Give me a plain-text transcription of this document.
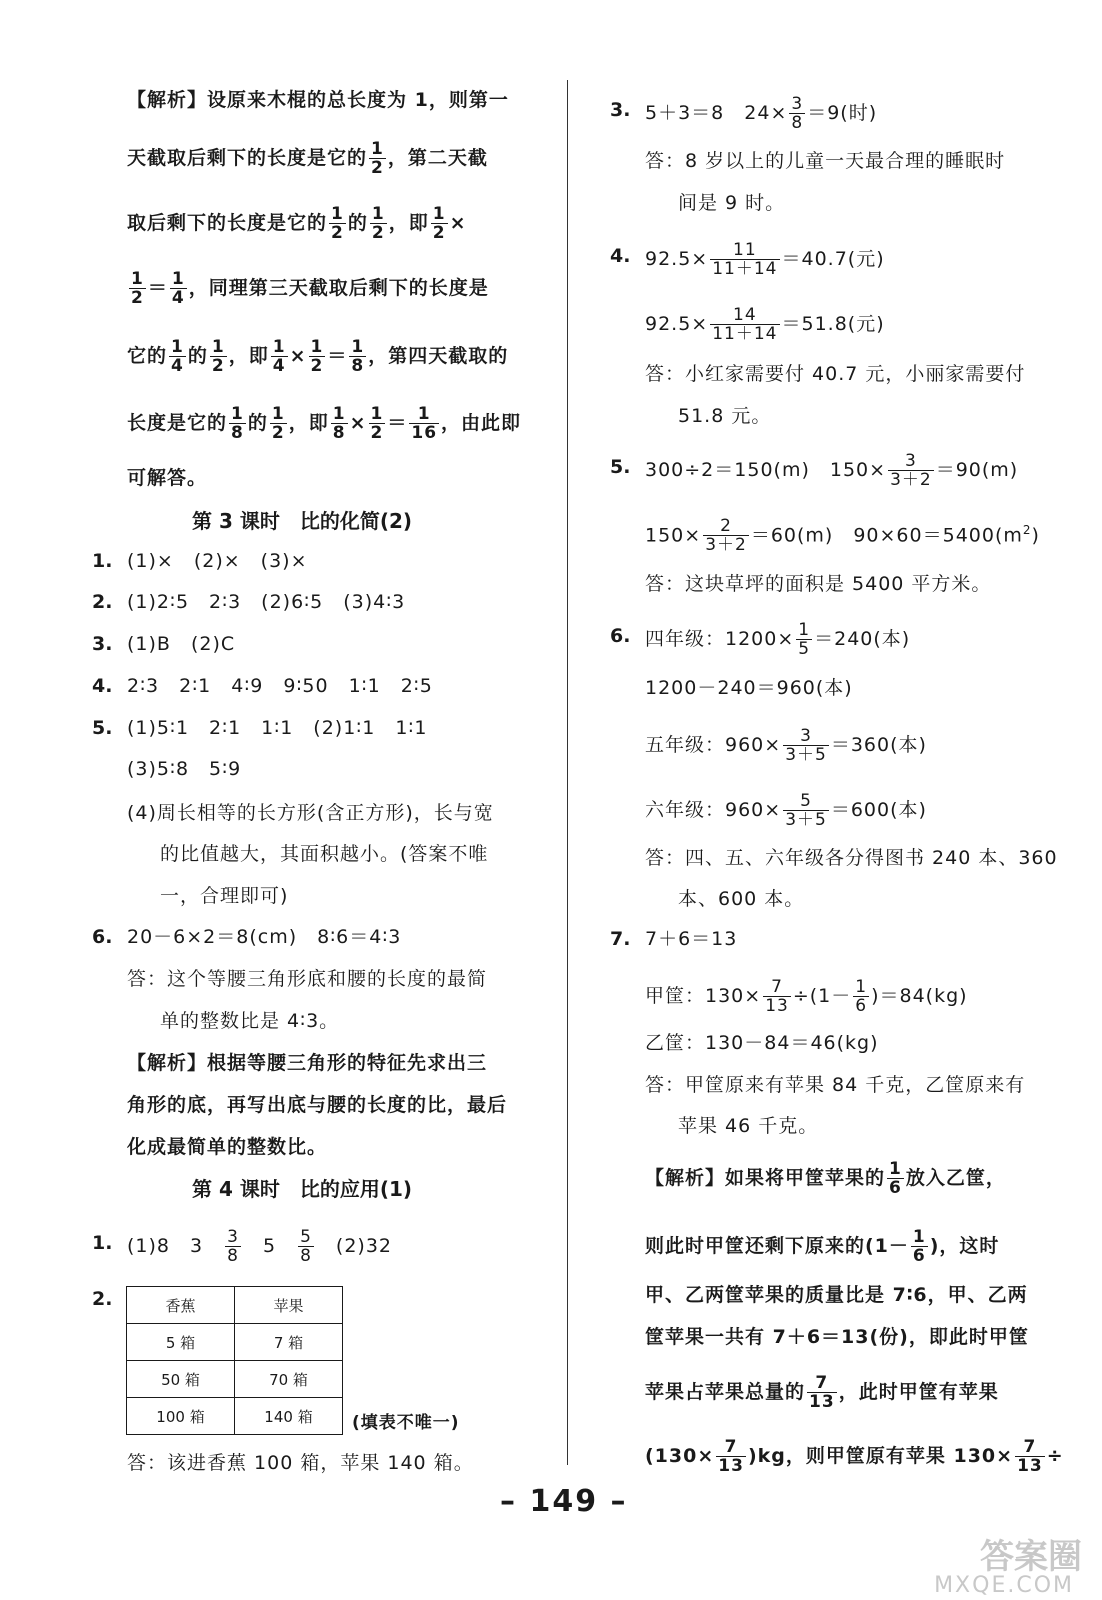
【解析】设原来木棍的总长度为 1，则第一
天截取后剩下的长度是它的 $\frac{1}{2}$ ，第二天截
取后剩下的长度是它的 $\frac{1}{2}$ 的 $\frac{1}{2}$ ，即 $\frac{1}{2}$ ×
$\frac{1}{2} = \frac{1}{4}$ ，同理第三天截取后剩下的长度是
它的 $\frac{1}{4}$ 的 $\frac{1}{2}$ ，即 $\frac{1}{4} \times \frac{1}{2} = \frac{1}{8}$ ，第四天截取的
长度是它的 $\frac{1}{8}$ 的 $\frac{1}{2}$ ，即 $\frac{1}{8} \times \frac{1}{2} = \frac{1}{16}$ ，由此即
可解答。
第 3 课时　比的化简(2)
1. (1)×　(2)×　(3)×
2. (1)2∶5　2∶3　(2)6∶5　(3)4∶3
3. (1)B　(2)C
4. 2∶3　2∶1　4∶9　9∶50　1∶1　2∶5
5. (1)5∶1　2∶1　1∶1　(2)1∶1　1∶1
(3)5∶8　5∶9
(4)周长相等的长方形(含正方形)，长与宽
的比值越大，其面积越小。(答案不唯
一，合理即可)
6. 20－6×2＝8(cm)　8∶6＝4∶3
答：这个等腰三角形底和腰的长度的最简
单的整数比是 4∶3。
【解析】根据等腰三角形的特征先求出三
角形的底，再写出底与腰的长度的比，最后
化成最简单的整数比。
第 4 课时　比的应用(1)
1. (1)8　3　 $\frac{3}{8}$
　 5　 $\frac{5}{8}$
　 (2)32
2.	香蕉	苹果
5 箱	7 箱
50 箱	70 箱
100 箱	140 箱 (填表不唯一)
答：该进香蕉 100 箱，苹果 140 箱。
3. 5＋3＝8　$24\times \frac{3}{8} =9$(时)
答：8 岁以上的儿童一天最合理的睡眠时
间是 9 时。
4. $92.5\times \frac{11}{11+14} =40.7$(元)
$92.5\times \frac{14}{11+14} =51.8$(元)
答：小红家需要付 40.7 元，小丽家需要付
51.8 元。
5. 300÷2＝150(m)　$150\times \frac{3}{3+2} =90(m)$
$150\times \frac{2}{3+2} =60(m)$　$90\times 60=5400(m^2)$
答：这块草坪的面积是 5400 平方米。
6. 四年级：$1200\times \frac{1}{5} =240$(本)
1200－240＝960(本)
五年级：$960\times \frac{3}{3+5} =360$(本)
六年级：$960\times \frac{5}{3+5} =600$(本)
答：四、五、六年级各分得图书 240 本、360
本、600 本。
7. 7＋6＝13
甲筐：$130\times \frac{7}{13} \div(1- \frac{1}{6} )=84(kg)$
乙筐：130－84＝46(kg)
答：甲筐原来有苹果 84 千克，乙筐原来有
苹果 46 千克。
【解析】如果将甲筐苹果的 $\frac{1}{6}$ 放入乙筐，
则此时甲筐还剩下原来的($1- \frac{1}{6}$ )，这时
甲、乙两筐苹果的质量比是 7∶6，甲、乙两
筐苹果一共有 7＋6＝13(份)，即此时甲筐
苹果占苹果总量的 $\frac{7}{13}$ ，此时甲筐有苹果
$(130\times \frac{7}{13} )kg$，则甲筐原有苹果 $130\times \frac{7}{13}$ ÷
– 149 –
答案圈
MXQE.COM
